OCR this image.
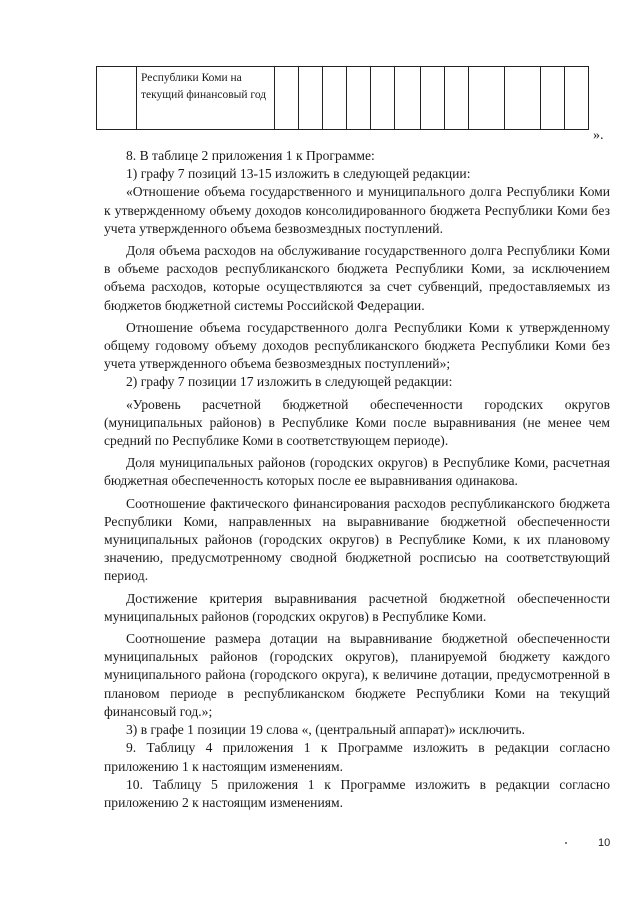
	Республики Коми на текущий финансовый год												
».

8. В таблице 2 приложения 1 к Программе:

1) графу 7 позиций 13-15 изложить в следующей редакции:

«Отношение объема государственного и муниципального долга Республики Коми к утвержденному объему доходов консолидированного бюджета Республики Коми без учета утвержденного объема безвозмездных поступлений.

Доля объема расходов на обслуживание государственного долга Республики Коми в объеме расходов республиканского бюджета Республики Коми, за исключением объема расходов, которые осуществляются за счет субвенций, предоставляемых из бюджетов бюджетной системы Российской Федерации.

Отношение объема государственного долга Республики Коми к утвержденному общему годовому объему доходов республиканского бюджета Республики Коми без учета утвержденного объема безвозмездных поступлений»;

2) графу 7 позиции 17 изложить в следующей редакции:

«Уровень расчетной бюджетной обеспеченности городских округов (муниципальных районов) в Республике Коми после выравнивания (не менее чем средний по Республике Коми в соответствующем периоде).

Доля муниципальных районов (городских округов) в Республике Коми, расчетная бюджетная обеспеченность которых после ее выравнивания одинакова.

Соотношение фактического финансирования расходов республиканского бюджета Республики Коми, направленных на выравнивание бюджетной обеспеченности муниципальных районов (городских округов) в Республике Коми, к их плановому значению, предусмотренному сводной бюджетной росписью на соответствующий период.

Достижение критерия выравнивания расчетной бюджетной обеспеченности муниципальных районов (городских округов) в Республике Коми.

Соотношение размера дотации на выравнивание бюджетной обеспеченности муниципальных районов (городских округов), планируемой бюджету каждого муниципального района (городского округа), к величине дотации, предусмотренной в плановом периоде в республиканском бюджете Республики Коми на текущий финансовый год.»;

3) в графе 1 позиции 19 слова «, (центральный аппарат)» исключить.

9. Таблицу 4 приложения 1 к Программе изложить в редакции согласно приложению 1 к настоящим изменениям.

10. Таблицу 5 приложения 1 к Программе изложить в редакции согласно приложению 2 к настоящим изменениям.

10
